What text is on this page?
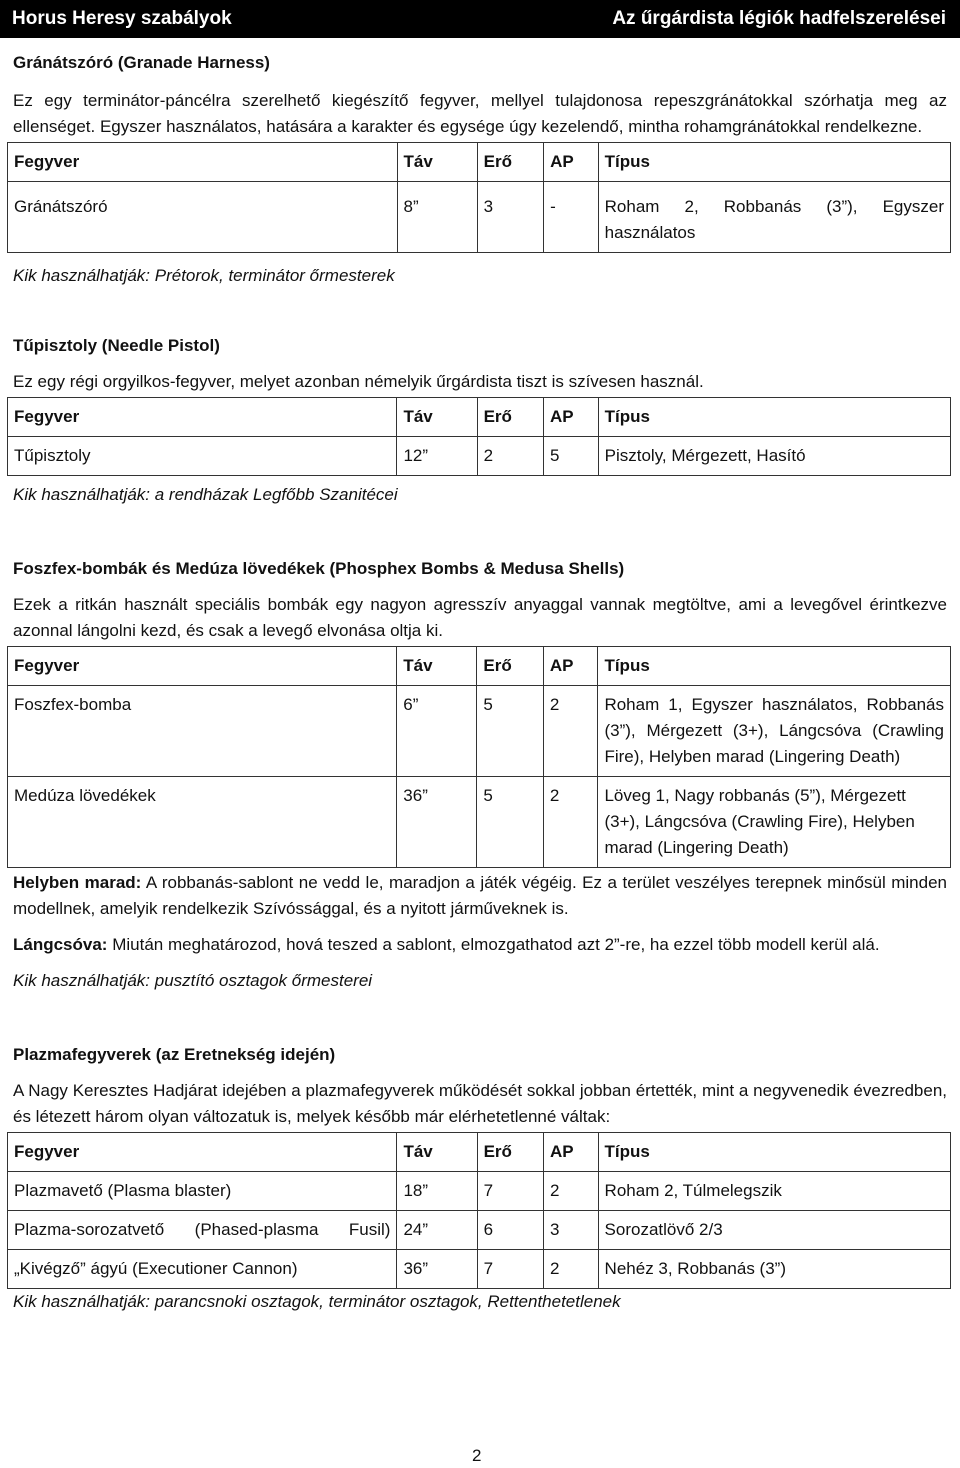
Horus Heresy szabályok	Az űrgárdista légiók hadfelszerelései

Gránátszóró (Granade Harness)

Ez egy terminátor-páncélra szerelhető kiegészítő fegyver, mellyel tulajdonosa repeszgránátokkal szórhatja meg az ellenséget. Egyszer használatos, hatására a karakter és egysége úgy kezelendő, mintha rohamgránátokkal rendelkezne.

Fegyver	Táv	Erő	AP	Típus
Gránátszóró	8”	3	-	Roham 2, Robbanás (3”), Egyszer használatos

Kik használhatják: Prétorok, terminátor őrmesterek

Tűpisztoly (Needle Pistol)

Ez egy régi orgyilkos-fegyver, melyet azonban némelyik űrgárdista tiszt is szívesen használ.

Fegyver	Táv	Erő	AP	Típus
Tűpisztoly	12”	2	5	Pisztoly, Mérgezett, Hasító

Kik használhatják: a rendházak Legfőbb Szanitécei

Foszfex-bombák és Medúza lövedékek (Phosphex Bombs & Medusa Shells)

Ezek a ritkán használt speciális bombák egy nagyon agresszív anyaggal vannak megtöltve, ami a levegővel érintkezve azonnal lángolni kezd, és csak a levegő elvonása oltja ki.

Fegyver	Táv	Erő	AP	Típus
Foszfex-bomba	6”	5	2	Roham 1, Egyszer használatos, Robbanás (3”), Mérgezett (3+), Lángcsóva (Crawling Fire), Helyben marad (Lingering Death)
Medúza lövedékek	36”	5	2	Löveg 1, Nagy robbanás (5”), Mérgezett (3+), Lángcsóva (Crawling Fire), Helyben marad (Lingering Death)

Helyben marad: A robbanás-sablont ne vedd le, maradjon a játék végéig. Ez a terület veszélyes terepnek minősül minden modellnek, amelyik rendelkezik Szívóssággal, és a nyitott járműveknek is.

Lángcsóva: Miután meghatározod, hová teszed a sablont, elmozgathatod azt 2”-re, ha ezzel több modell kerül alá.

Kik használhatják: pusztító osztagok őrmesterei

Plazmafegyverek (az Eretnekség idején)

A Nagy Keresztes Hadjárat idejében a plazmafegyverek működését sokkal jobban értették, mint a negyvenedik évezredben, és létezett három olyan változatuk is, melyek később már elérhetetlenné váltak:

Fegyver	Táv	Erő	AP	Típus
Plazmavető (Plasma blaster)	18”	7	2	Roham 2, Túlmelegszik
Plazma-sorozatvető (Phased-plasma Fusil)	24”	6	3	Sorozatlövő 2/3
„Kivégző” ágyú (Executioner Cannon)	36”	7	2	Nehéz 3, Robbanás (3”)

Kik használhatják: parancsnoki osztagok, terminátor osztagok, Rettenthetetlenek

2
